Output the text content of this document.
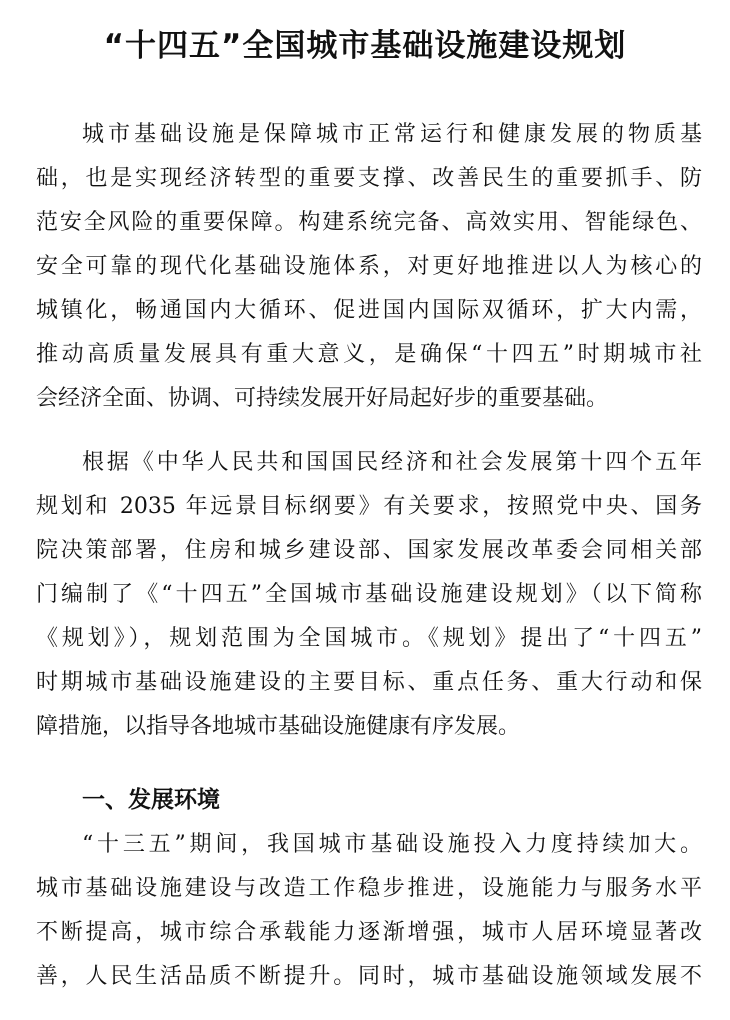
“十四五”全国城市基础设施建设规划
城市基础设施是保障城市正常运行和健康发展的物质基
础，也是实现经济转型的重要支撑、改善民生的重要抓手、防
范安全风险的重要保障。构建系统完备、高效实用、智能绿色、
安全可靠的现代化基础设施体系，对更好地推进以人为核心的
城镇化，畅通国内大循环、促进国内国际双循环，扩大内需，
推动高质量发展具有重大意义，是确保“十四五”时期城市社
会经济全面、协调、可持续发展开好局起好步的重要基础。
根据《中华人民共和国国民经济和社会发展第十四个五年
规划和 2035 年远景目标纲要》有关要求，按照党中央、国务
院决策部署，住房和城乡建设部、国家发展改革委会同相关部
门编制了《“十四五”全国城市基础设施建设规划》（以下简称
《规划》），规划范围为全国城市。《规划》提出了“十四五”
时期城市基础设施建设的主要目标、重点任务、重大行动和保
障措施，以指导各地城市基础设施健康有序发展。
“十三五”期间，我国城市基础设施投入力度持续加大。
城市基础设施建设与改造工作稳步推进，设施能力与服务水平
不断提高，城市综合承载能力逐渐增强，城市人居环境显著改
善，人民生活品质不断提升。同时，城市基础设施领域发展不
一、发展环境
